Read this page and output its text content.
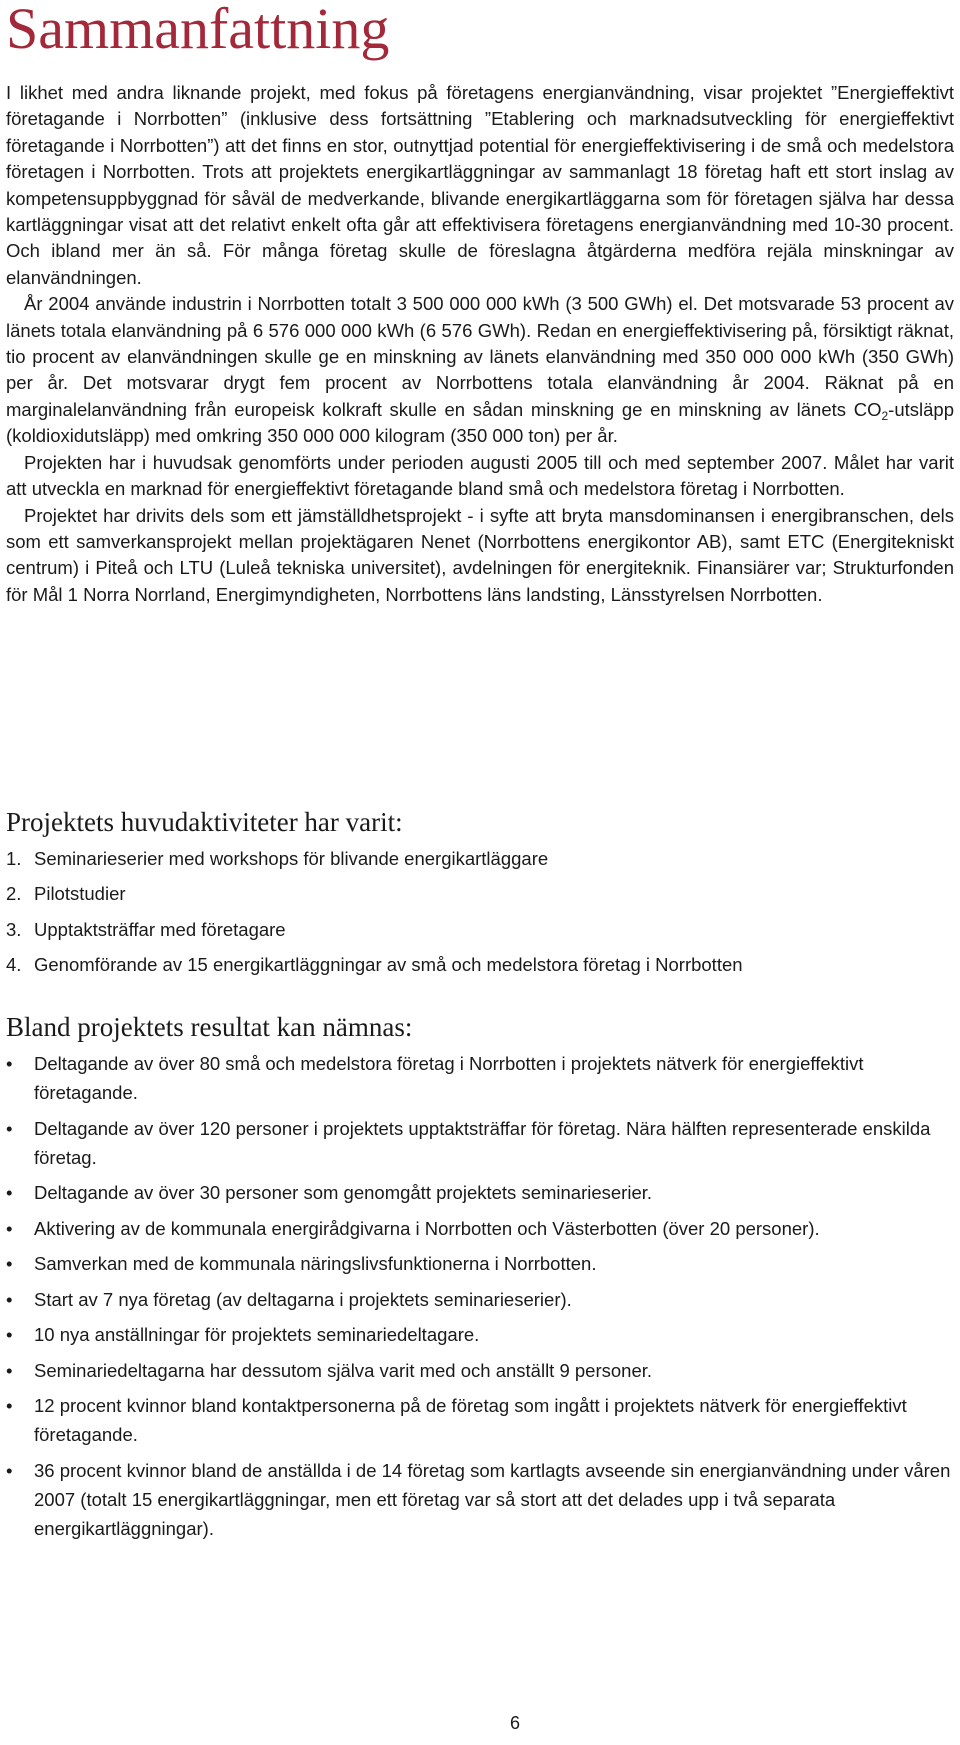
Sammanfattning

I likhet med andra liknande projekt, med fokus på företagens energianvändning, visar projektet ”Energieffektivt företagande i Norrbotten” (inklusive dess fortsättning ”Etablering och marknadsutveckling för energieffektivt företagande i Norrbotten”) att det finns en stor, outnyttjad potential för energieffektivisering i de små och medelstora företagen i Norrbotten. Trots att projektets energikartläggningar av sammanlagt 18 företag haft ett stort inslag av kompetensuppbyggnad för såväl de medverkande, blivande energikartläggarna som för företagen själva har dessa kartläggningar visat att det relativt enkelt ofta går att effektivisera företagens energianvändning med 10-30 procent. Och ibland mer än så. För många företag skulle de föreslagna åtgärderna medföra rejäla minskningar av elanvändningen.

År 2004 använde industrin i Norrbotten totalt 3 500 000 000 kWh (3 500 GWh) el. Det motsvarade 53 procent av länets totala elanvändning på 6 576 000 000 kWh (6 576 GWh). Redan en energieffektivisering på, försiktigt räknat, tio procent av elanvändningen skulle ge en minskning av länets elanvändning med 350 000 000 kWh (350 GWh) per år. Det motsvarar drygt fem procent av Norrbottens totala elanvändning år 2004. Räknat på en marginalelanvändning från europeisk kolkraft skulle en sådan minskning ge en minskning av länets $CO_2$-utsläpp (koldioxidutsläpp) med omkring 350 000 000 kilogram (350 000 ton) per år.

Projekten har i huvudsak genomförts under perioden augusti 2005 till och med september 2007. Målet har varit att utveckla en marknad för energieffektivt företagande bland små och medelstora företag i Norrbotten.

Projektet har drivits dels som ett jämställdhetsprojekt - i syfte att bryta mansdominansen i energibranschen, dels som ett samverkansprojekt mellan projektägaren Nenet (Norrbottens energikontor AB), samt ETC (Energitekniskt centrum) i Piteå och LTU (Luleå tekniska universitet), avdelningen för energiteknik. Finansiärer var; Strukturfonden för Mål 1 Norra Norrland, Energimyndigheten, Norrbottens läns landsting, Länsstyrelsen Norrbotten.

Projektets huvudaktiviteter har varit:
1. Seminarieserier med workshops för blivande energikartläggare
2. Pilotstudier
3. Upptaktsträffar med företagare
4. Genomförande av 15 energikartläggningar av små och medelstora företag i Norrbotten
Bland projektets resultat kan nämnas:
•	Deltagande av över 80 små och medelstora företag i Norrbotten i projektets nätverk för energieffektivt företagande.
•	Deltagande av över 120 personer i projektets upptaktsträffar för företag. Nära hälften representerade enskilda företag.
•	Deltagande av över 30 personer som genomgått projektets seminarieserier.
•	Aktivering av de kommunala energirådgivarna i Norrbotten och Västerbotten (över 20 personer).
•	Samverkan med de kommunala näringslivsfunktionerna i Norrbotten.
•	Start av 7 nya företag (av deltagarna i projektets seminarieserier).
•	10 nya anställningar för projektets seminariedeltagare.
•	Seminariedeltagarna har dessutom själva varit med och anställt 9 personer.
•	12 procent kvinnor bland kontaktpersonerna på de företag som ingått i projektets nätverk för energieffektivt företagande.
•	36 procent kvinnor bland de anställda i de 14 företag som kartlagts avseende sin energianvändning under våren 2007 (totalt 15 energikartläggningar, men ett företag var så stort att det delades upp i två separata energikartläggningar).
6
